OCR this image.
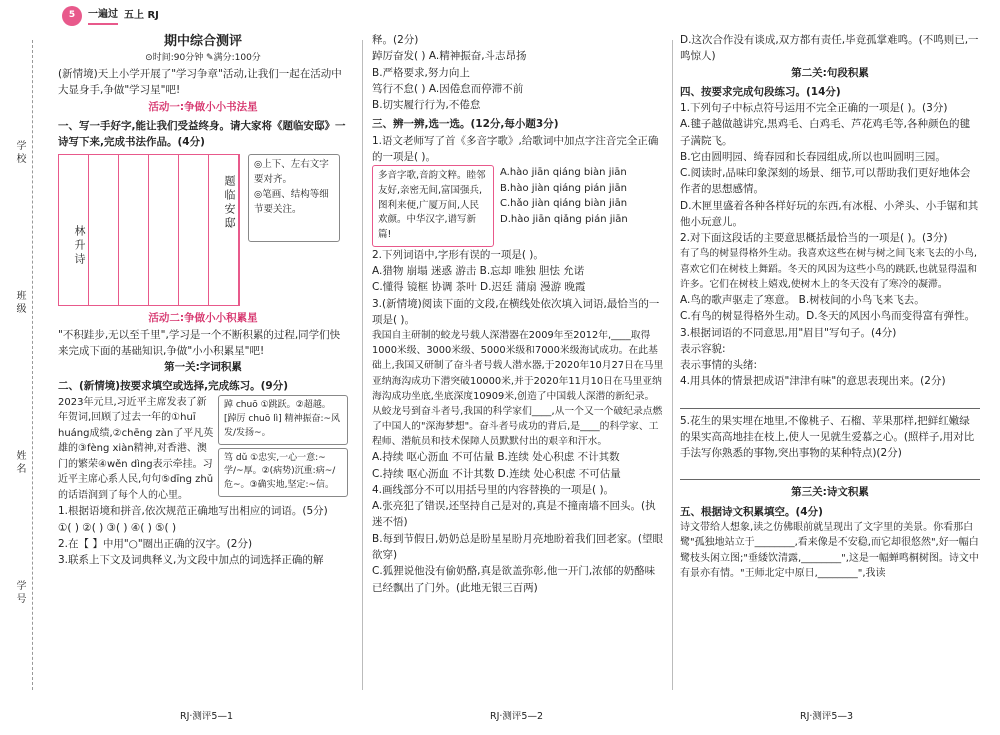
5	一遍过 五上 RJ
学校
班级
姓名
学号

期中综合测评

⊙时间:90分钟 ✎满分:100分

(新情境)天上小学开展了"学习争章"活动,让我们一起在活动中大显身手,争做"学习星"吧!

活动一:争做小小书法星

一、写一手好字,能让我们受益终身。请大家将《题临安邸》一诗写下来,完成书法作品。(4分)

林升诗
题临安邸

◎上下、左右文字要对齐。

◎笔画、结构等细节要关注。

活动二:争做小小积累星

"不积跬步,无以至千里",学习是一个不断积累的过程,同学们快来完成下面的基础知识,争做"小小积累星"吧!

第一关:字词积累

二、(新情境)按要求填空或选择,完成练习。(9分)

2023年元旦,习近平主席发表了新年贺词,回顾了过去一年的①huī huáng成绩,②chēng zàn了平凡英雄的③fèng xiàn精神,对香港、澳门的繁荣④wěn dìng表示牵挂。习近平主席心系人民,句句⑤dīng zhǔ的话语润到了每个人的心里。

踔 chuō ①跳跃。②超越。 [踔厉 chuō lì] 精神振奋:~风发/发扬~。

笃 dǔ ①忠实,一心一意:~学/~厚。②(病势)沉重:病~/危~。③确实地,坚定:~信。

1.根据语境和拼音,依次规范正确地写出相应的词语。(5分)

①( ) ②( ) ③( ) ④( ) ⑤( )

2.在【 】中用"○"圈出正确的汉字。(2分)

3.联系上下文及词典释义,为文段中加点的词选择正确的解

RJ·测评5—1

释。(2分)

踔厉奋发( ) A.精神振奋,斗志昂扬

B.严格要求,努力向上

笃行不怠( ) A.因倦怠而停滞不前

B.切实履行行为,不倦怠

三、辨一辨,选一选。(12分,每小题3分)

1.语文老师写了首《多音字歌》,给歌词中加点字注音完全正确的一项是( )。

多音字歌,音韵文粹。睦邻友好,亲密无间,富国强兵,图利来便,广厦万间,人民欢颜。中华汉字,谱写新篇!

A.hào jiān qiáng biàn jiān

B.hào jiàn qiáng pián jiān

C.hǎo jiàn qiáng biàn jiān

D.hào jiān qiǎng pián jiān

2.下列词语中,字形有误的一项是( )。

A.猎物 崩塌 迷惑 游击 B.忘却 唯独 胆怯 允诺

C.懂得 镜框 协调 茶叶 D.迟廷 蒲扇 漫游 晚霞

3.(新情境)阅读下面的文段,在横线处依次填入词语,最恰当的一项是( )。

我国自主研制的蛟龙号载人深潜器在2009年至2012年,____取得1000米级、3000米级、5000米级和7000米级海试成功。在此基础上,我国又研制了奋斗者号载人潜水器,于2020年10月27日在马里亚纳海沟成功下潜突破10000米,并于2020年11月10日在马里亚纳海沟成功坐底,坐底深度10909米,创造了中国载人深潜的新纪录。从蛟龙号到奋斗者号,我国的科学家们____,从一个又一个破纪录点燃了中国人的"深海梦想"。奋斗者号成功的背后,是____的科学家、工程师、潜航员和技术保障人员默默付出的艰辛和汗水。

A.持续 呕心沥血 不可估量 B.连续 处心积虑 不计其数

C.持续 呕心沥血 不计其数 D.连续 处心积虑 不可估量

4.画线部分不可以用括号里的内容替换的一项是( )。

A.张亮犯了错误,还坚持自己是对的,真是不撞南墙不回头。(执迷不悟)

B.每到节假日,奶奶总是盼星星盼月亮地盼着我们回老家。(望眼欲穿)

C.狐狸说他没有偷奶酪,真是欲盖弥彰,他一开门,浓郁的奶酪味已经飘出了门外。(此地无银三百两)

RJ·测评5—2

D.这次合作没有谈成,双方都有责任,毕竟孤掌难鸣。(不鸣则已,一鸣惊人)

第二关:句段积累

四、按要求完成句段练习。(14分)

1.下列句子中标点符号运用不完全正确的一项是( )。(3分)

A.毽子越做越讲究,黑鸡毛、白鸡毛、芦花鸡毛等,各种颜色的毽子满院飞。

B.它由圆明园、绮春园和长春园组成,所以也叫圆明三园。

C.阅读时,品味印象深刻的场景、细节,可以帮助我们更好地体会作者的思想感情。

D.木匣里盛着各种各样好玩的东西,有冰棍、小斧头、小手锯和其他小玩意儿。

2.对下面这段话的主要意思概括最恰当的一项是( )。(3分)

有了鸟的树显得格外生动。我喜欢这些在树与树之间飞来飞去的小鸟,喜欢它们在树枝上舞蹈。冬天的风因为这些小鸟的跳跃,也就显得温和许多。它们在树枝上嬉戏,使树木上的冬天没有了寒冷的凝滞。

A.鸟的歌声驱走了寒意。 B.树枝间的小鸟飞来飞去。

C.有鸟的树显得格外生动。D.冬天的风因小鸟而变得富有弹性。

3.根据词语的不同意思,用"眉目"写句子。(4分)

表示容貌:

表示事情的头绪:

4.用具体的情景把成语"津津有味"的意思表现出来。(2分)

5.花生的果实埋在地里,不像桃子、石榴、苹果那样,把鲜红嫩绿的果实高高地挂在枝上,使人一见就生爱慕之心。(照样子,用对比手法写你熟悉的事物,突出事物的某种特点)(2分)

第三关:诗文积累

五、根据诗文积累填空。(4分)

诗文带给人想象,读之仿佛眼前就呈现出了文字里的美景。你看那白鹭"孤独地站立于________,看来像是不安稳,而它却很悠然",好一幅白鹭枝头闲立图;"垂緌饮清露,________",这是一幅蝉鸣桐树图。诗文中有景亦有情。"王师北定中原日,________",我读

RJ·测评5—3
